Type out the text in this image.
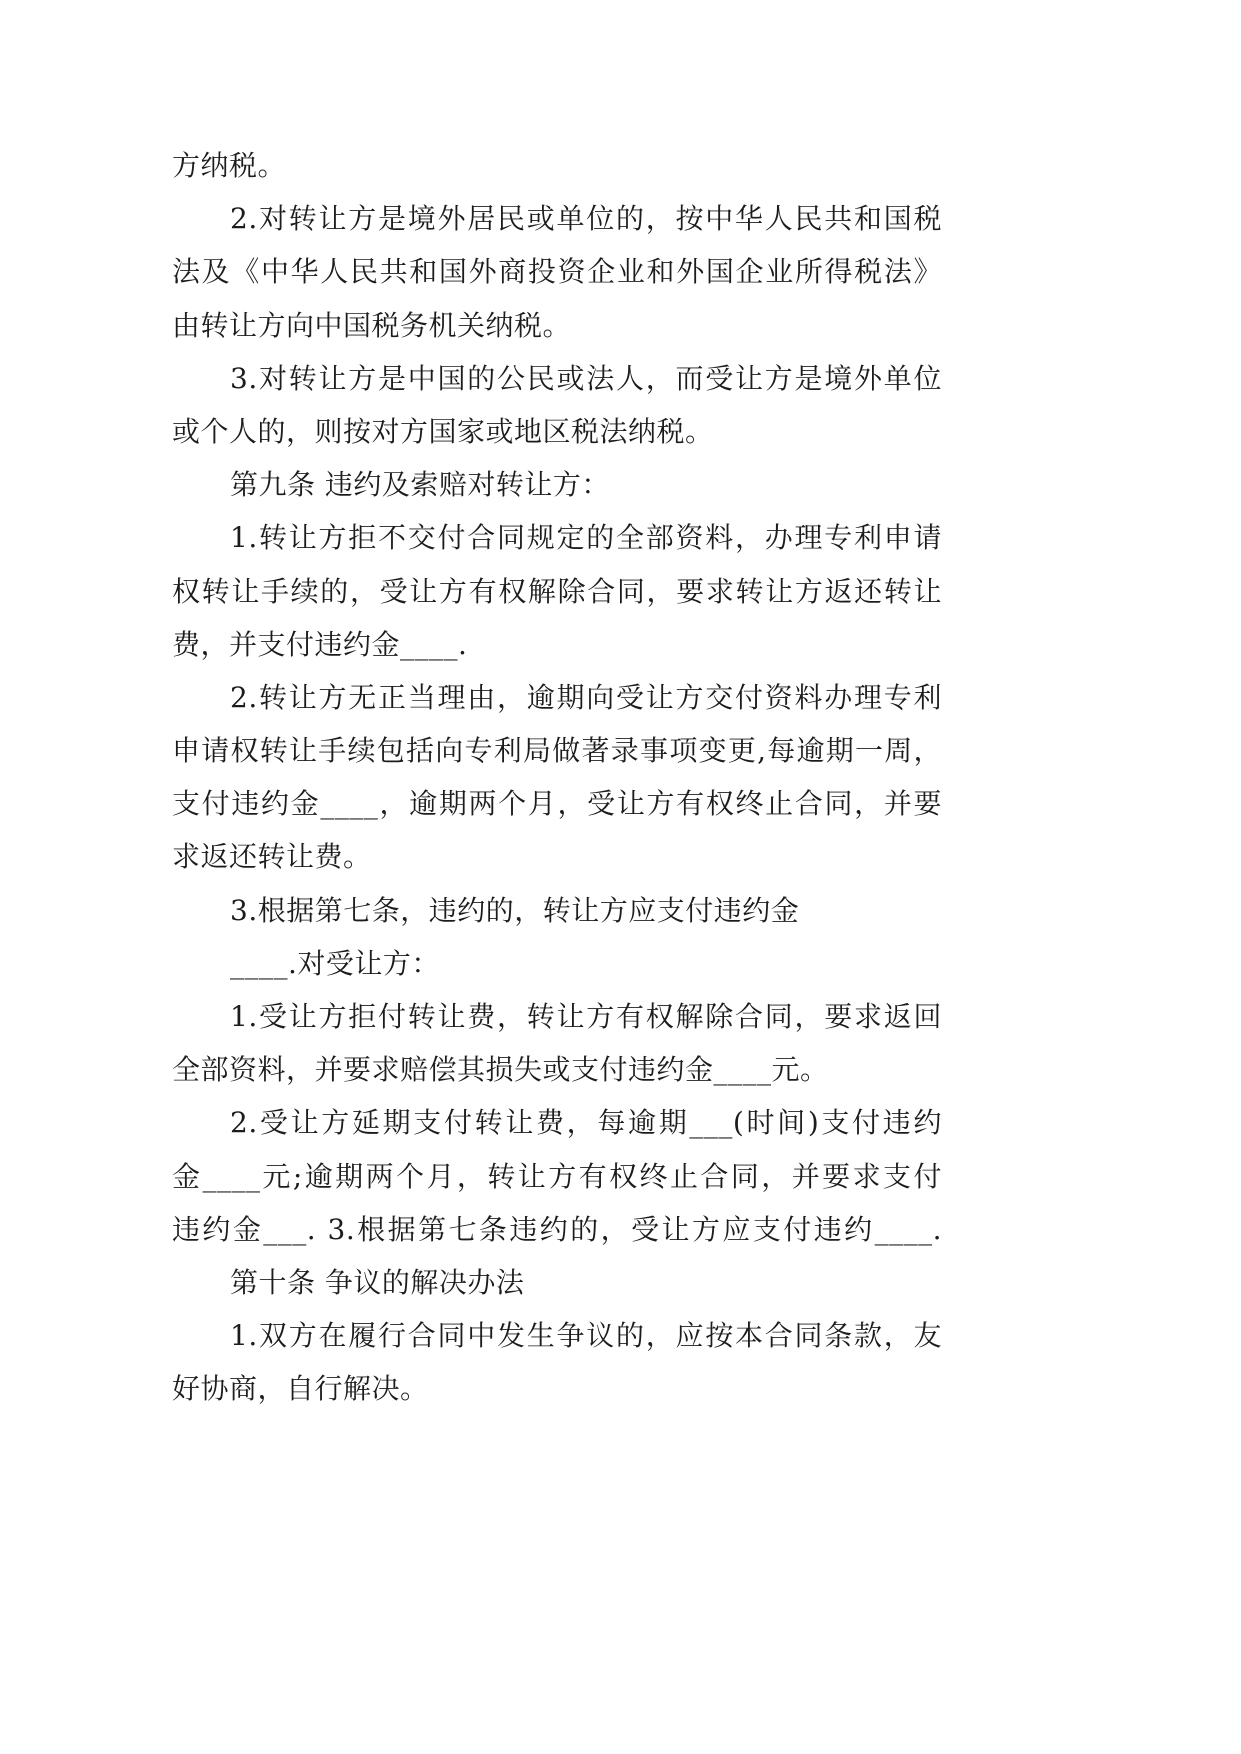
方纳税。
2.对转让方是境外居民或单位的，按中华人民共和国税
法及《中华人民共和国外商投资企业和外国企业所得税法》
由转让方向中国税务机关纳税。
3.对转让方是中国的公民或法人，而受让方是境外单位
或个人的，则按对方国家或地区税法纳税。
第九条 违约及索赔对转让方：
1.转让方拒不交付合同规定的全部资料，办理专利申请
权转让手续的，受让方有权解除合同，要求转让方返还转让
费，并支付违约金____.
2.转让方无正当理由，逾期向受让方交付资料办理专利
申请权转让手续包括向专利局做著录事项变更,每逾期一周，
支付违约金____，逾期两个月，受让方有权终止合同，并要
求返还转让费。
3.根据第七条，违约的，转让方应支付违约金
____.对受让方：
1.受让方拒付转让费，转让方有权解除合同，要求返回
全部资料，并要求赔偿其损失或支付违约金____元。
2.受让方延期支付转让费，每逾期___(时间)支付违约
金____元;逾期两个月，转让方有权终止合同，并要求支付
违约金___. 3.根据第七条违约的，受让方应支付违约____.
第十条 争议的解决办法
1.双方在履行合同中发生争议的，应按本合同条款，友
好协商，自行解决。
